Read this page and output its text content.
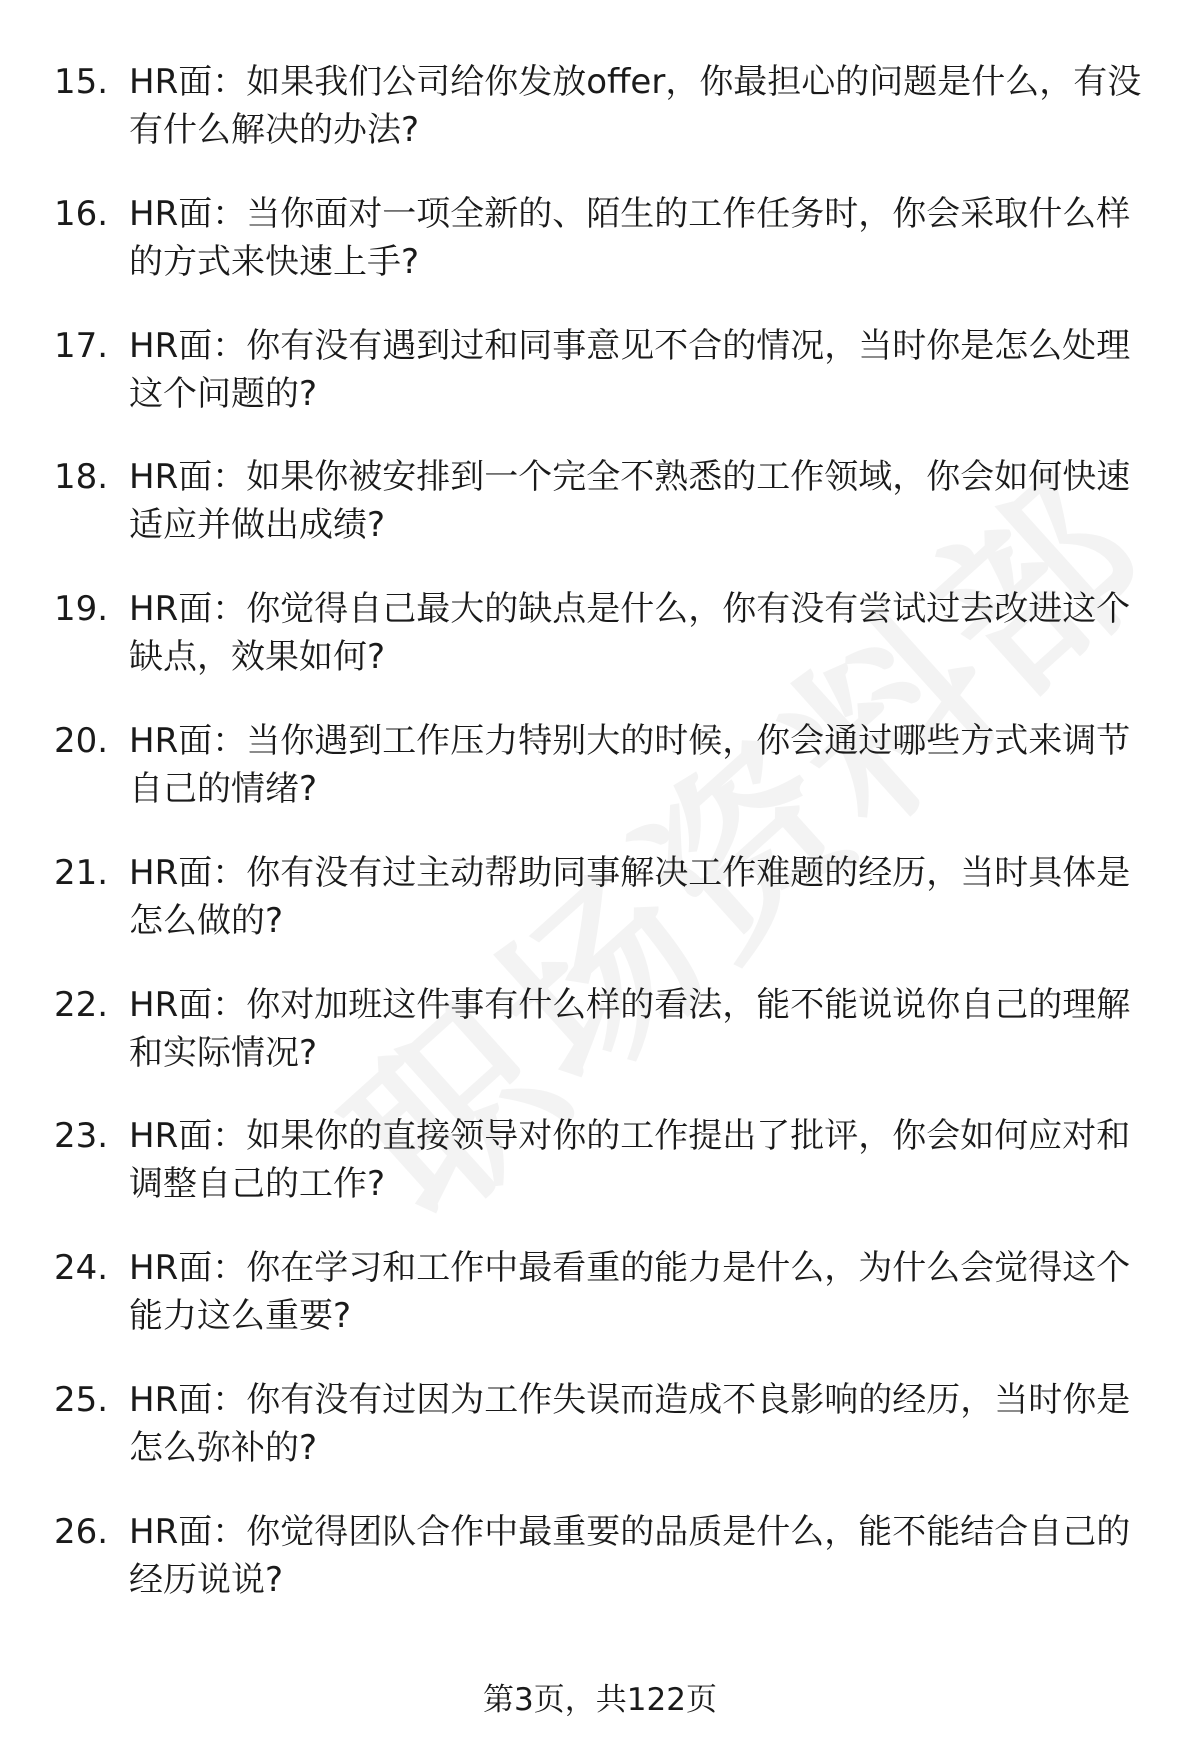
15. HR面：如果我们公司给你发放offer，你最担心的问题是什么，有没有什么解决的办法?
16. HR面：当你面对一项全新的、陌生的工作任务时，你会采取什么样的方式来快速上手?
17. HR面：你有没有遇到过和同事意见不合的情况，当时你是怎么处理这个问题的?
18. HR面：如果你被安排到一个完全不熟悉的工作领域，你会如何快速适应并做出成绩?
19. HR面：你觉得自己最大的缺点是什么，你有没有尝试过去改进这个缺点，效果如何?
20. HR面：当你遇到工作压力特别大的时候，你会通过哪些方式来调节自己的情绪?
21. HR面：你有没有过主动帮助同事解决工作难题的经历，当时具体是怎么做的?
22. HR面：你对加班这件事有什么样的看法，能不能说说你自己的理解和实际情况?
23. HR面：如果你的直接领导对你的工作提出了批评，你会如何应对和调整自己的工作?
24. HR面：你在学习和工作中最看重的能力是什么，为什么会觉得这个能力这么重要?
25. HR面：你有没有过因为工作失误而造成不良影响的经历，当时你是怎么弥补的?
26. HR面：你觉得团队合作中最重要的品质是什么，能不能结合自己的经历说说?
第3页，共122页
